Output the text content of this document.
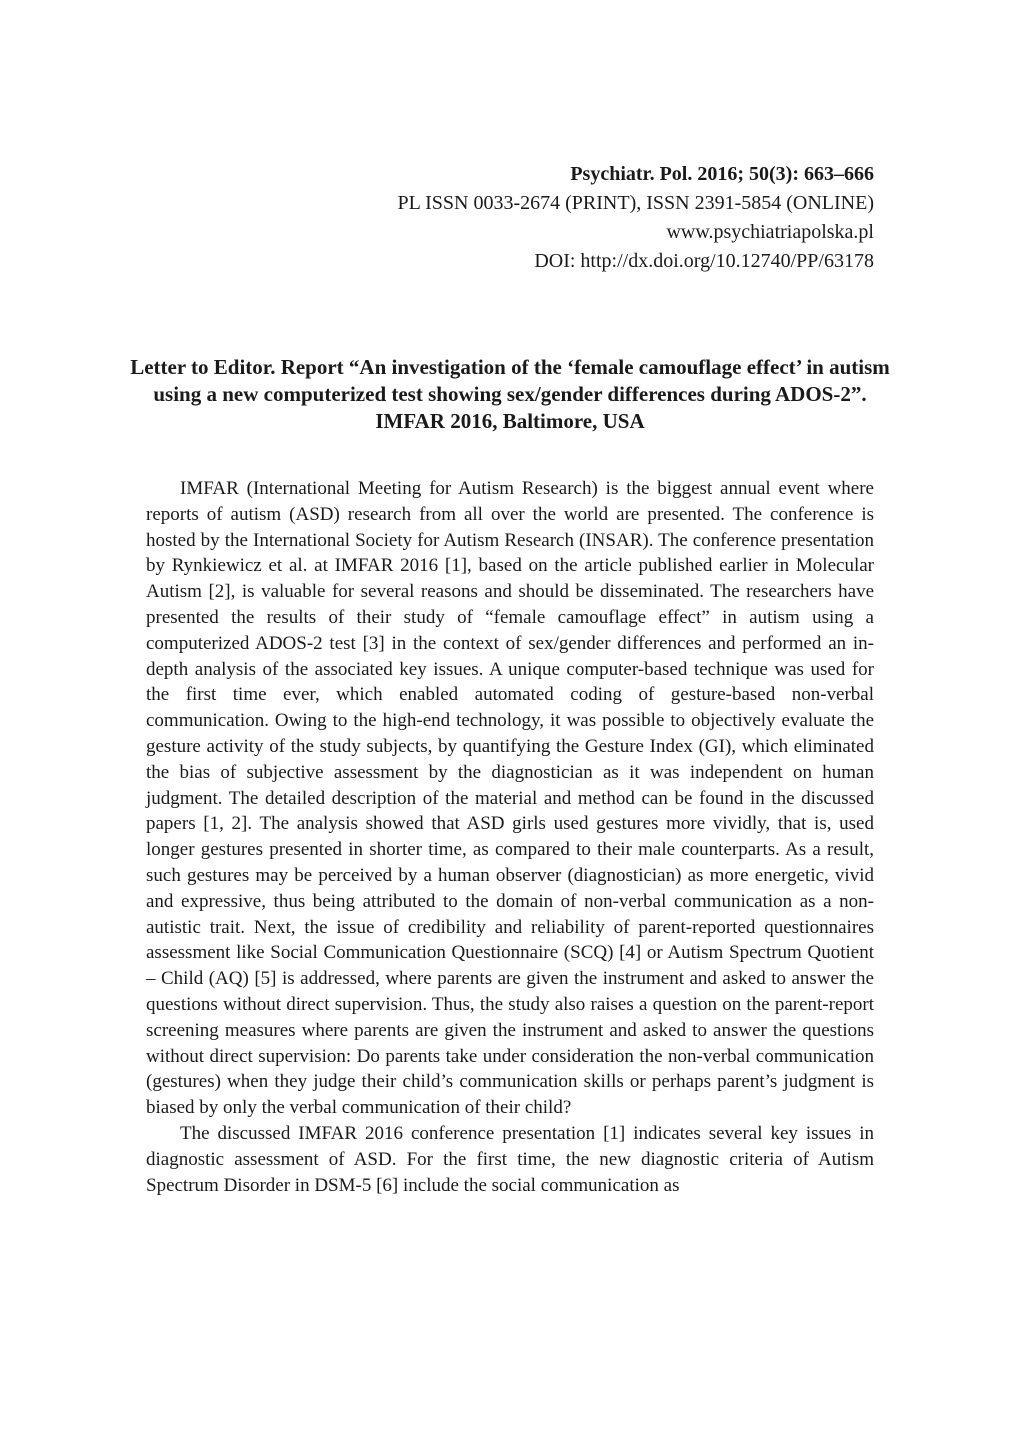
Psychiatr. Pol. 2016; 50(3): 663–666
PL ISSN 0033-2674 (PRINT), ISSN 2391-5854 (ONLINE)
www.psychiatriapolska.pl
DOI: http://dx.doi.org/10.12740/PP/63178
Letter to Editor. Report “An investigation of the ‘female camouflage effect’ in autism using a new computerized test showing sex/gender differences during ADOS-2”. IMFAR 2016, Baltimore, USA

IMFAR (International Meeting for Autism Research) is the biggest annual event where reports of autism (ASD) research from all over the world are presented. The conference is hosted by the International Society for Autism Research (INSAR). The conference presentation by Rynkiewicz et al. at IMFAR 2016 [1], based on the article published earlier in Molecular Autism [2], is valuable for several reasons and should be disseminated. The researchers have presented the results of their study of “female camouflage effect” in autism using a computerized ADOS-2 test [3] in the context of sex/gender differences and performed an in-depth analysis of the associated key issues. A unique computer-based technique was used for the first time ever, which enabled automated coding of gesture-based non-verbal communication. Owing to the high-end technology, it was possible to objectively evaluate the gesture activity of the study subjects, by quantifying the Gesture Index (GI), which eliminated the bias of subjective assessment by the diagnostician as it was independent on human judgment. The detailed description of the material and method can be found in the discussed papers [1, 2]. The analysis showed that ASD girls used gestures more vividly, that is, used longer gestures presented in shorter time, as compared to their male counterparts. As a result, such gestures may be perceived by a human observer (diagnostician) as more energetic, vivid and expressive, thus being attributed to the domain of non-verbal communication as a non-autistic trait. Next, the issue of credibility and reliability of parent-reported questionnaires assessment like Social Communication Questionnaire (SCQ) [4] or Autism Spectrum Quotient – Child (AQ) [5] is addressed, where parents are given the instrument and asked to answer the questions without direct supervision. Thus, the study also raises a question on the parent-report screening measures where parents are given the instrument and asked to answer the questions without direct supervision: Do parents take under consideration the non-verbal communication (gestures) when they judge their child’s communication skills or perhaps parent’s judgment is biased by only the verbal communication of their child?

The discussed IMFAR 2016 conference presentation [1] indicates several key issues in diagnostic assessment of ASD. For the first time, the new diagnostic criteria of Autism Spectrum Disorder in DSM-5 [6] include the social communication as
